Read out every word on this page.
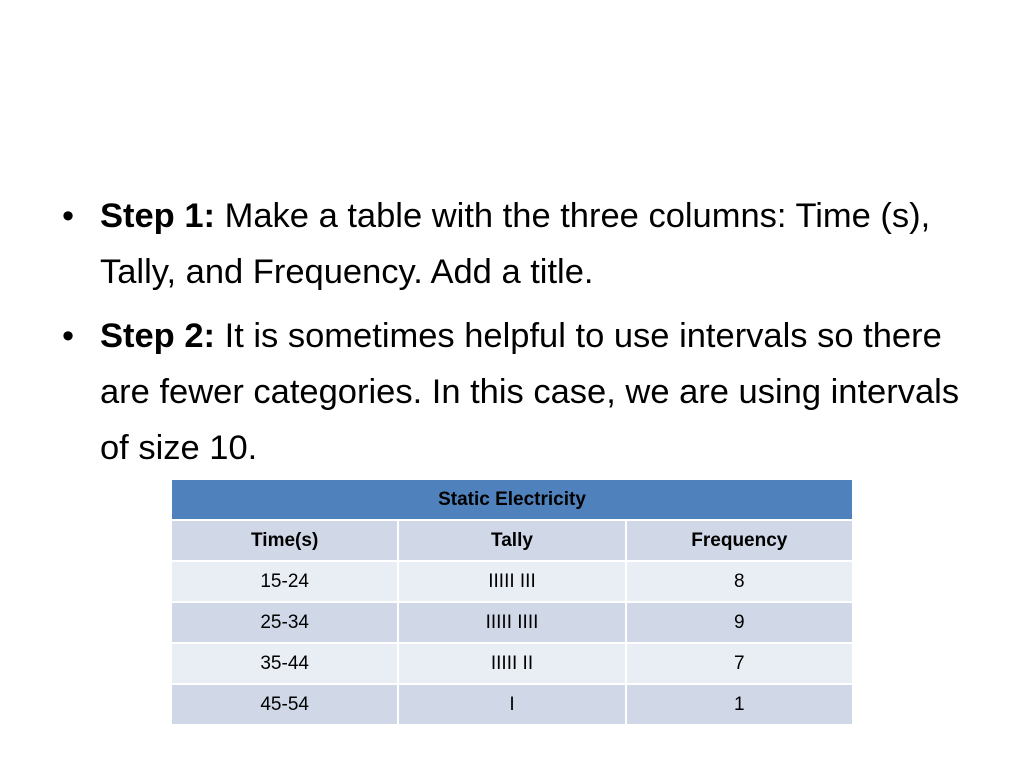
• Step 1: Make a table with the three columns: Time (s), Tally, and Frequency. Add a title.
• Step 2: It is sometimes helpful to use intervals so there are fewer categories. In this case, we are using intervals of size 10.
Static Electricity		
Time(s)	Tally	Frequency
15-24	IIIII III	8
25-34	IIIII IIII	9
35-44	IIIII II	7
45-54	I	1
